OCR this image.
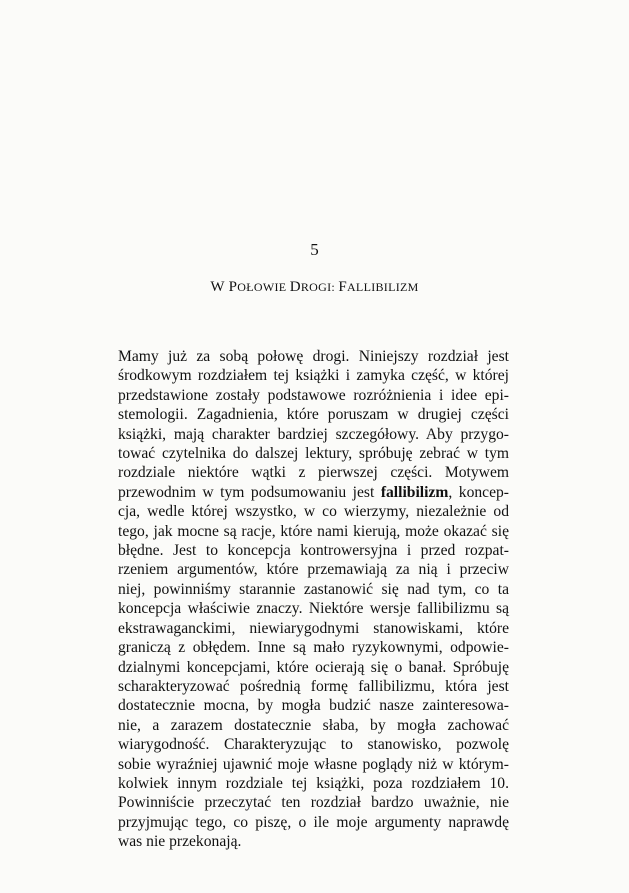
5
W POŁOWIE DROGI: FALLIBILIZM
Mamy już za sobą połowę drogi. Niniejszy rozdział jest
środkowym rozdziałem tej książki i zamyka część, w której
przedstawione zostały podstawowe rozróżnienia i idee epi-
stemologii. Zagadnienia, które poruszam w drugiej części
książki, mają charakter bardziej szczegółowy. Aby przygo-
tować czytelnika do dalszej lektury, spróbuję zebrać w tym
rozdziale niektóre wątki z pierwszej części. Motywem
przewodnim w tym podsumowaniu jest fallibilizm, koncep-
cja, wedle której wszystko, w co wierzymy, niezależnie od
tego, jak mocne są racje, które nami kierują, może okazać się
błędne. Jest to koncepcja kontrowersyjna i przed rozpat-
rzeniem argumentów, które przemawiają za nią i przeciw
niej, powinniśmy starannie zastanowić się nad tym, co ta
koncepcja właściwie znaczy. Niektóre wersje fallibilizmu są
ekstrawaganckimi, niewiarygodnymi stanowiskami, które
graniczą z obłędem. Inne są mało ryzykownymi, odpowie-
dzialnymi koncepcjami, które ocierają się o banał. Spróbuję
scharakteryzować pośrednią formę fallibilizmu, która jest
dostatecznie mocna, by mogła budzić nasze zainteresowa-
nie, a zarazem dostatecznie słaba, by mogła zachować
wiarygodność. Charakteryzując to stanowisko, pozwolę
sobie wyraźniej ujawnić moje własne poglądy niż w którym-
kolwiek innym rozdziale tej książki, poza rozdziałem 10.
Powinniście przeczytać ten rozdział bardzo uważnie, nie
przyjmując tego, co piszę, o ile moje argumenty naprawdę
was nie przekonają.
